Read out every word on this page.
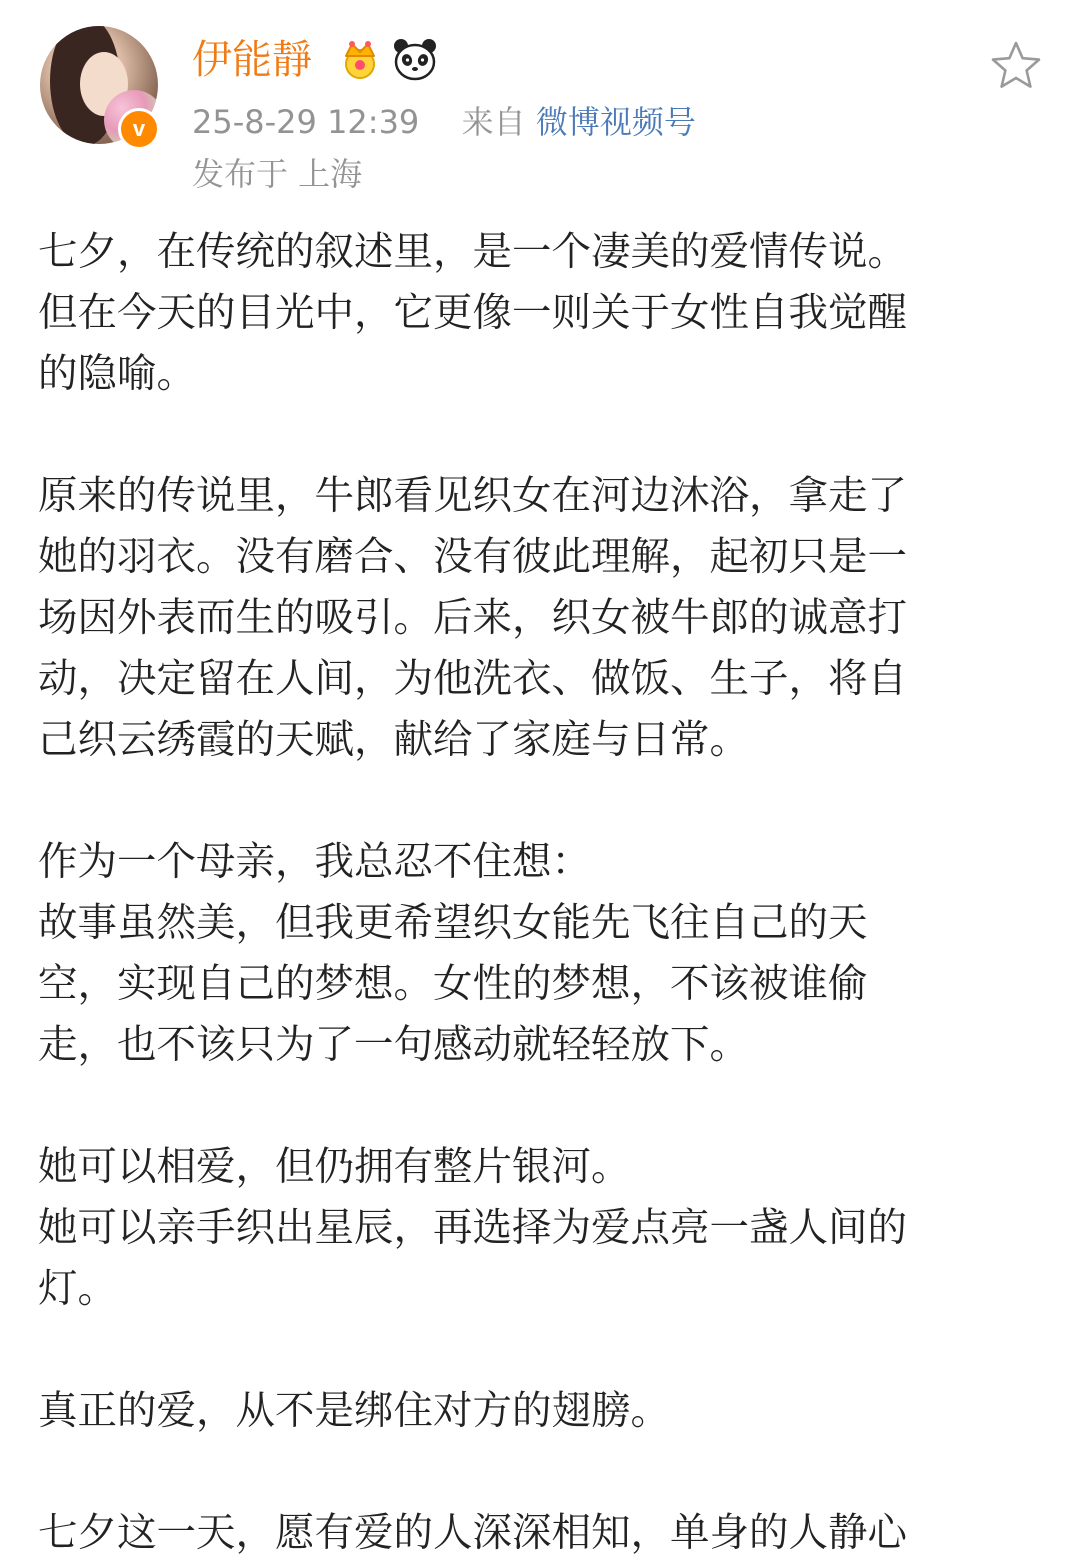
v
伊能靜
25-8-29 12:39 来自 微博视频号
发布于 上海

七夕，在传统的叙述里，是一个凄美的爱情传说。

但在今天的目光中，它更像一则关于女性自我觉醒

的隐喻。

原来的传说里，牛郎看见织女在河边沐浴，拿走了

她的羽衣。没有磨合、没有彼此理解，起初只是一

场因外表而生的吸引。后来，织女被牛郎的诚意打

动，决定留在人间，为他洗衣、做饭、生子，将自

己织云绣霞的天赋，献给了家庭与日常。

作为一个母亲，我总忍不住想：

故事虽然美，但我更希望织女能先飞往自己的天

空，实现自己的梦想。女性的梦想，不该被谁偷

走，也不该只为了一句感动就轻轻放下。

她可以相爱，但仍拥有整片银河。

她可以亲手织出星辰，再选择为爱点亮一盏人间的

灯。

真正的爱，从不是绑住对方的翅膀。

七夕这一天，愿有爱的人深深相知，单身的人静心
